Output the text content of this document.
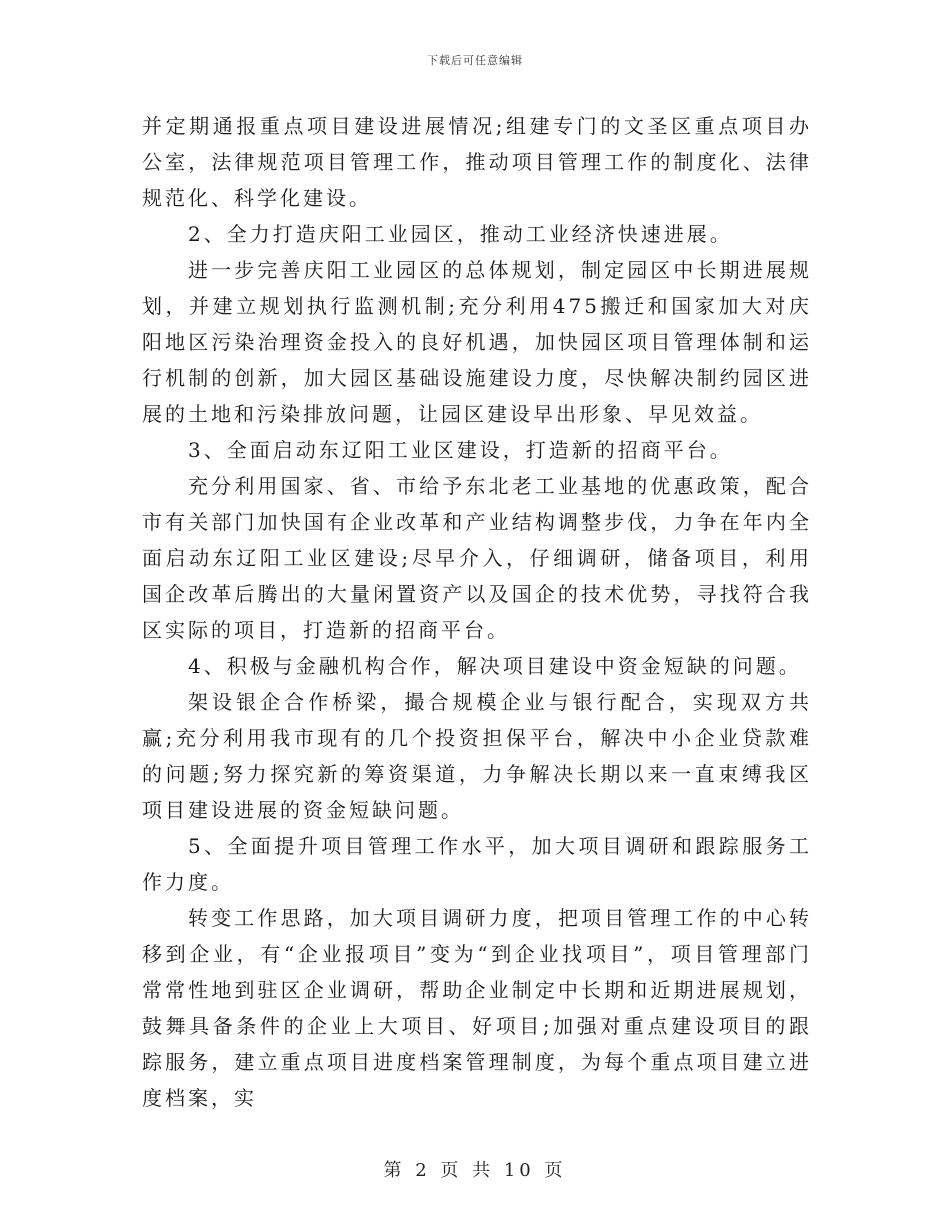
下载后可任意编辑

并定期通报重点项目建设进展情况;组建专门的文圣区重点项目办公室，法律规范项目管理工作，推动项目管理工作的制度化、法律规范化、科学化建设。

2、全力打造庆阳工业园区，推动工业经济快速进展。

进一步完善庆阳工业园区的总体规划，制定园区中长期进展规划，并建立规划执行监测机制;充分利用475搬迁和国家加大对庆阳地区污染治理资金投入的良好机遇，加快园区项目管理体制和运行机制的创新，加大园区基础设施建设力度，尽快解决制约园区进展的土地和污染排放问题，让园区建设早出形象、早见效益。

3、全面启动东辽阳工业区建设，打造新的招商平台。

充分利用国家、省、市给予东北老工业基地的优惠政策，配合市有关部门加快国有企业改革和产业结构调整步伐，力争在年内全面启动东辽阳工业区建设;尽早介入，仔细调研，储备项目，利用国企改革后腾出的大量闲置资产以及国企的技术优势，寻找符合我区实际的项目，打造新的招商平台。

4、积极与金融机构合作，解决项目建设中资金短缺的问题。

架设银企合作桥梁，撮合规模企业与银行配合，实现双方共赢;充分利用我市现有的几个投资担保平台，解决中小企业贷款难的问题;努力探究新的筹资渠道，力争解决长期以来一直束缚我区项目建设进展的资金短缺问题。

5、全面提升项目管理工作水平，加大项目调研和跟踪服务工作力度。

转变工作思路，加大项目调研力度，把项目管理工作的中心转移到企业，有“企业报项目”变为“到企业找项目”，项目管理部门常常性地到驻区企业调研，帮助企业制定中长期和近期进展规划，鼓舞具备条件的企业上大项目、好项目;加强对重点建设项目的跟踪服务，建立重点项目进度档案管理制度，为每个重点项目建立进度档案，实

第 2 页 共 10 页
